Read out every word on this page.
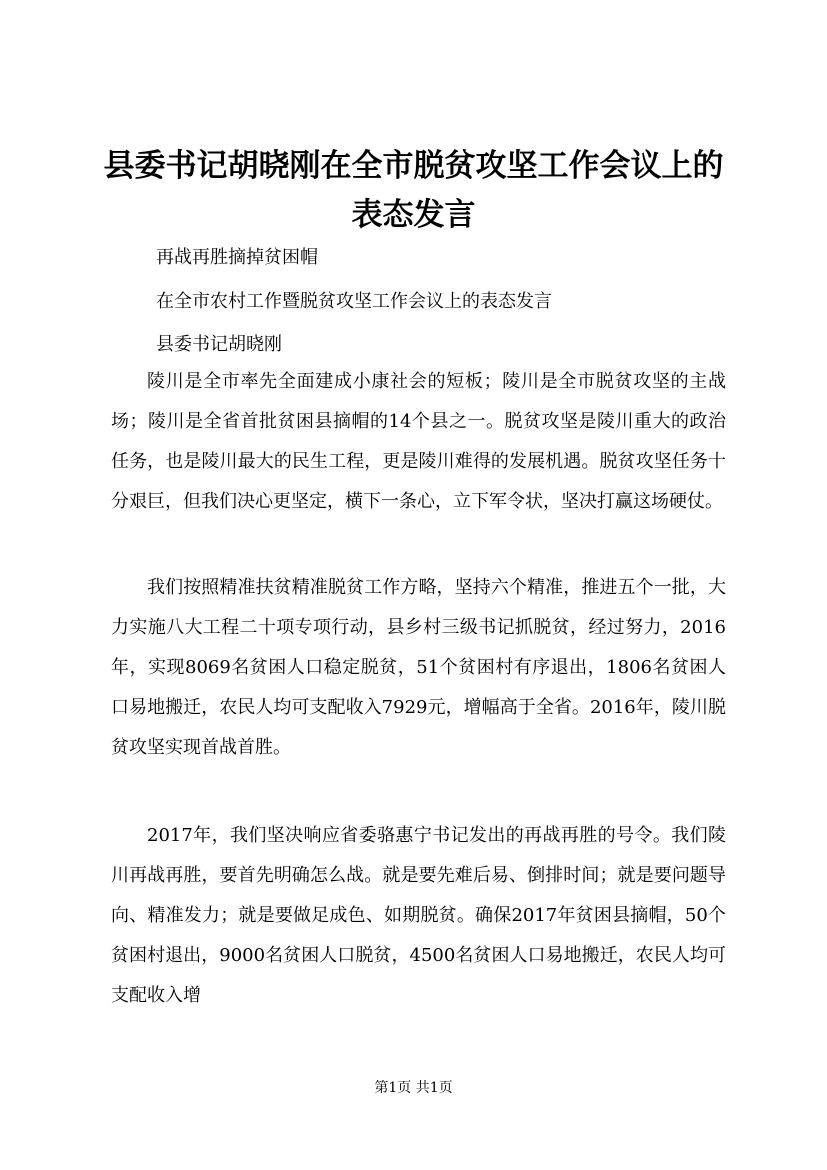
县委书记胡晓刚在全市脱贫攻坚工作会议上的表态发言
再战再胜摘掉贫困帽
在全市农村工作暨脱贫攻坚工作会议上的表态发言
县委书记胡晓刚

陵川是全市率先全面建成小康社会的短板；陵川是全市脱贫攻坚的主战场；陵川是全省首批贫困县摘帽的14个县之一。脱贫攻坚是陵川重大的政治任务，也是陵川最大的民生工程，更是陵川难得的发展机遇。脱贫攻坚任务十分艰巨，但我们决心更坚定，横下一条心，立下军令状，坚决打赢这场硬仗。

我们按照精准扶贫精准脱贫工作方略，坚持六个精准，推进五个一批，大力实施八大工程二十项专项行动，县乡村三级书记抓脱贫，经过努力，2016年，实现8069名贫困人口稳定脱贫，51个贫困村有序退出，1806名贫困人口易地搬迁，农民人均可支配收入7929元，增幅高于全省。2016年，陵川脱贫攻坚实现首战首胜。

2017年，我们坚决响应省委骆惠宁书记发出的再战再胜的号令。我们陵川再战再胜，要首先明确怎么战。就是要先难后易、倒排时间；就是要问题导向、精准发力；就是要做足成色、如期脱贫。确保2017年贫困县摘帽，50个贫困村退出，9000名贫困人口脱贫，4500名贫困人口易地搬迁，农民人均可支配收入增

第1页 共1页
